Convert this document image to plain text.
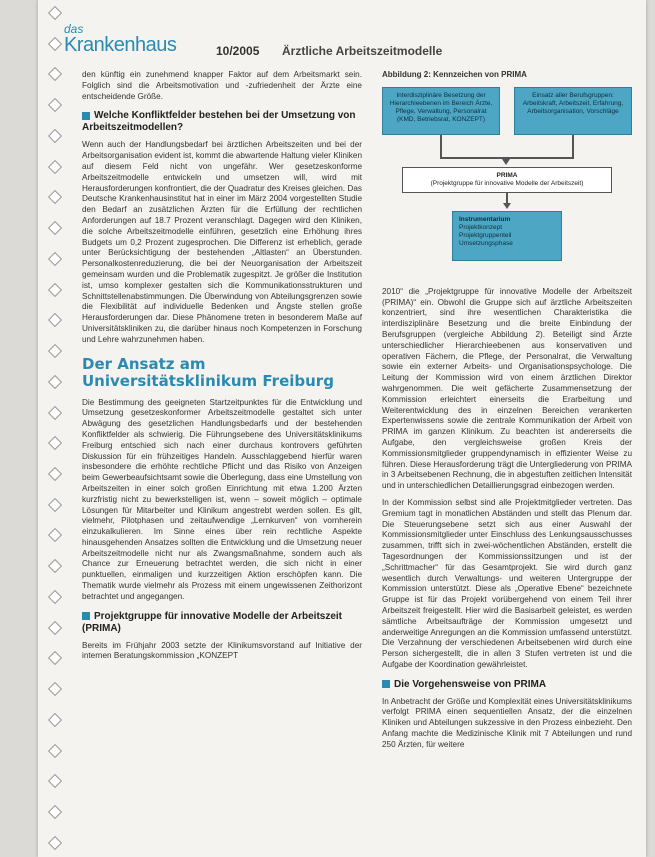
das
Krankenhaus	10/2005 Ärztliche Arbeitszeitmodelle

den künftig ein zunehmend knapper Faktor auf dem Arbeitsmarkt sein. Folglich sind die Arbeitsmotivation und -zufriedenheit der Ärzte eine entscheidende Größe.

Welche Konfliktfelder bestehen bei der Umsetzung von Arbeitszeitmodellen?

Wenn auch der Handlungsbedarf bei ärztlichen Arbeitszeiten und bei der Arbeitsorganisation evident ist, kommt die abwartende Haltung vieler Kliniken auf diesem Feld nicht von ungefähr. Wer gesetzeskonforme Arbeitszeitmodelle entwickeln und umsetzen will, wird mit Herausforderungen konfrontiert, die der Quadratur des Kreises gleichen. Das Deutsche Krankenhausinstitut hat in einer im März 2004 vorgestellten Studie den Bedarf an zusätzlichen Ärzten für die Erfüllung der rechtlichen Anforderungen auf 18.7 Prozent veranschlagt. Dagegen wird den Kliniken, die solche Arbeitszeitmodelle einführen, gesetzlich eine Erhöhung ihres Budgets um 0,2 Prozent zugesprochen. Die Differenz ist erheblich, gerade unter Berücksichtigung der bestehenden „Altlasten“ an Überstunden. Personalkostenreduzierung, die bei der Neuorganisation der Arbeitszeit gemeinsam wurden und die Problematik zugespitzt. Je größer die Institution ist, umso komplexer gestalten sich die Kommunikationsstrukturen und Schnittstellenabstimmungen. Die Überwindung von Abteilungsgrenzen sowie die Flexibilität auf individuelle Bedenken und Ängste stellen große Herausforderungen dar. Diese Phänomene treten in besonderem Maße auf Universitätskliniken zu, die darüber hinaus noch Kompetenzen in Forschung und Lehre wahrzunehmen haben.

Der Ansatz am Universitätsklinikum Freiburg

Die Bestimmung des geeigneten Startzeitpunktes für die Entwicklung und Umsetzung gesetzeskonformer Arbeitszeitmodelle gestaltet sich unter Abwägung des gesetzlichen Handlungsbedarfs und der bestehenden Konfliktfelder als schwierig. Die Führungsebene des Universitätsklinikums Freiburg entschied sich nach einer durchaus kontrovers geführten Diskussion für ein frühzeitiges Handeln. Ausschlaggebend hierfür waren insbesondere die erhöhte rechtliche Pflicht und das Risiko von Anzeigen beim Gewerbeaufsichtsamt sowie die Überlegung, dass eine Umstellung von Arbeitszeiten in einer solch großen Einrichtung mit etwa 1.200 Ärzten kurzfristig nicht zu bewerkstelligen ist, wenn – soweit möglich – optimale Lösungen für Mitarbeiter und Klinikum angestrebt werden sollen. Es gilt, vielmehr, Pilotphasen und zeitaufwendige „Lernkurven“ von vornherein einzukalkulieren. Im Sinne eines über rein rechtliche Aspekte hinausgehenden Ansatzes sollten die Entwicklung und die Umsetzung neuer Arbeitszeitmodelle nicht nur als Zwangsmaßnahme, sondern auch als Chance zur Erneuerung betrachtet werden, die sich nicht in einer punktuellen, einmaligen und kurzzeitigen Aktion erschöpfen kann. Die Thematik wurde vielmehr als Prozess mit einem ungewissenen Zeithorizont betrachtet und angegangen.

Projektgruppe für innovative Modelle der Arbeitszeit (PRIMA)

Bereits im Frühjahr 2003 setzte der Klinikumsvorstand auf Initiative der internen Beratungskommission „KONZEPT

Abbildung 2: Kennzeichen von PRIMA
Interdisziplinäre Besetzung der Hierarchieebenen im Bereich Ärzte, Pflege, Verwaltung, Personalrat (KMD, Betriebsrat, KONZEPT)
Einsatz aller Berufsgruppen: Arbeitskraft, Arbeitszeit, Erfahrung, Arbeitsorganisation, Vorschläge
PRIMA
(Projektgruppe für innovative Modelle der Arbeitszeit)
Instrumentarium
Projektkonzept
Projektgruppenteil
Umsetzungsphase

2010“ die „Projektgruppe für innovative Modelle der Arbeitszeit (PRIMA)“ ein. Obwohl die Gruppe sich auf ärztliche Arbeitszeiten konzentriert, sind ihre wesentlichen Charakteristika die interdisziplinäre Besetzung und die breite Einbindung der Berufsgruppen (vergleiche Abbildung 2). Beteiligt sind Ärzte unterschiedlicher Hierarchieebenen aus konservativen und operativen Fächern, die Pflege, der Personalrat, die Verwaltung sowie ein externer Arbeits- und Organisationspsychologe. Die Leitung der Kommission wird von einem ärztlichen Direktor wahrgenommen. Die weit gefächerte Zusammensetzung der Kommission erleichtert einerseits die Erarbeitung und Weiterentwicklung des in einzelnen Bereichen verankerten Expertenwissens sowie die zentrale Kommunikation der Arbeit von PRIMA im ganzen Klinikum. Zu beachten ist andererseits die Aufgabe, den vergleichsweise großen Kreis der Kommissionsmitglieder gruppendynamisch in effizienter Weise zu führen. Diese Herausforderung trägt die Untergliederung von PRIMA in 3 Arbeitsebenen Rechnung, die in abgestuften zeitlichen Intensität und in unterschiedlichen Detaillierungsgrad einbezogen werden.

In der Kommission selbst sind alle Projektmitglieder vertreten. Das Gremium tagt in monatlichen Abständen und stellt das Plenum dar. Die Steuerungsebene setzt sich aus einer Auswahl der Kommissionsmitglieder unter Einschluss des Lenkungsausschusses zusammen, trifft sich in zwei-wöchentlichen Abständen, erstellt die Tagesordnungen der Kommissionssitzungen und ist der „Schrittmacher“ für das Gesamtprojekt. Sie wird durch ganz wesentlich durch Verwaltungs- und weiteren Untergruppe der Kommission unterstützt. Diese als „Operative Ebene“ bezeichnete Gruppe ist für das Projekt vorübergehend von einem Teil ihrer Arbeitszeit freigestellt. Hier wird die Basisarbeit geleistet, es werden sämtliche Arbeitsaufträge der Kommission umgesetzt und anderweitige Anregungen an die Kommission umfassend unterstützt. Die Verzahnung der verschiedenen Arbeitsebenen wird durch eine Person sichergestellt, die in allen 3 Stufen vertreten ist und die Aufgabe der Koordination gewährleistet.

Die Vorgehensweise von PRIMA

In Anbetracht der Größe und Komplexität eines Universitätsklinikums verfolgt PRIMA einen sequentiellen Ansatz, der die einzelnen Kliniken und Abteilungen sukzessive in den Prozess einbezieht. Den Anfang machte die Medizinische Klinik mit 7 Abteilungen und rund 250 Ärzten, für weitere
